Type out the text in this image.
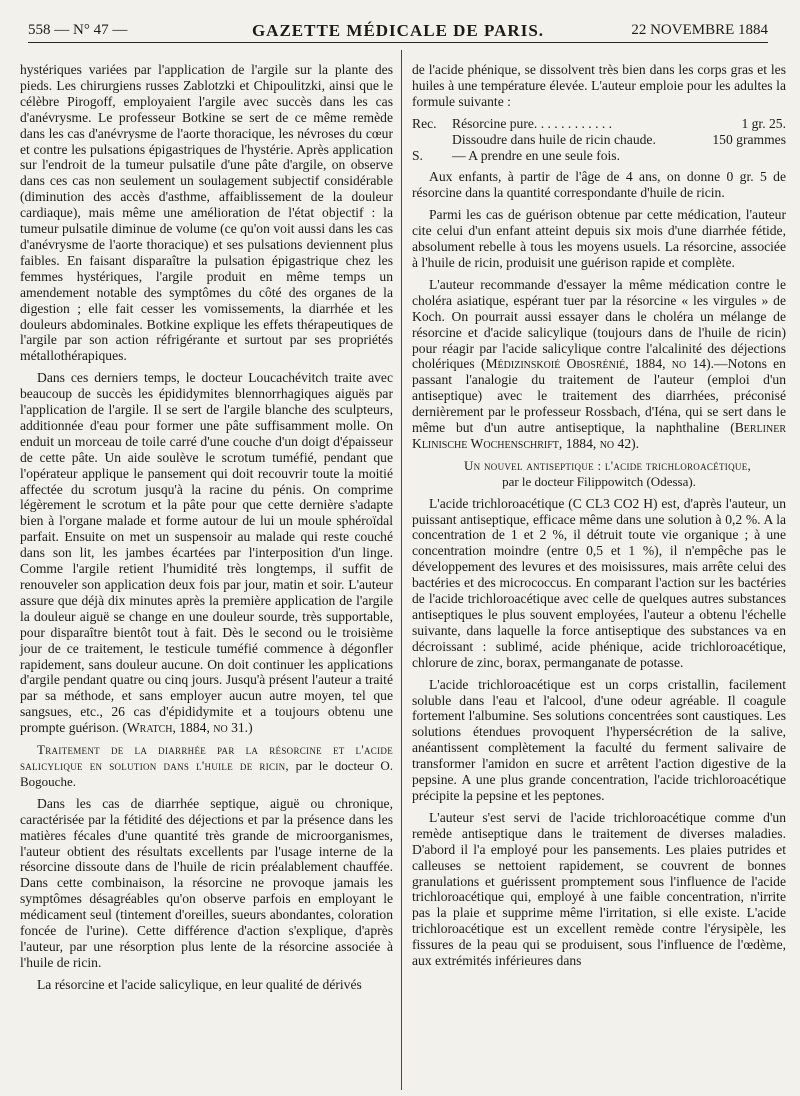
558 — N° 47 —	GAZETTE MÉDICALE DE PARIS.	22 NOVEMBRE 1884

hystériques variées par l'application de l'argile sur la plante des pieds. Les chirurgiens russes Zablotzki et Chipoulitzki, ainsi que le célèbre Pirogoff, employaient l'argile avec succès dans les cas d'anévrysme. Le professeur Botkine se sert de ce même remède dans les cas d'anévrysme de l'aorte thoracique, les névroses du cœur et contre les pulsations épigastriques de l'hystérie. Après application sur l'endroit de la tumeur pulsatile d'une pâte d'argile, on observe dans ces cas non seulement un soulagement subjectif considérable (diminution des accès d'asthme, affaiblissement de la douleur cardiaque), mais même une amélioration de l'état objectif : la tumeur pulsatile diminue de volume (ce qu'on voit aussi dans les cas d'anévrysme de l'aorte thoracique) et ses pulsations deviennent plus faibles. En faisant disparaître la pulsation épigastrique chez les femmes hystériques, l'argile produit en même temps un amendement notable des symptômes du côté des organes de la digestion ; elle fait cesser les vomissements, la diarrhée et les douleurs abdominales. Botkine explique les effets thérapeutiques de l'argile par son action réfrigérante et surtout par ses propriétés métallothérapiques.

Dans ces derniers temps, le docteur Loucachévitch traite avec beaucoup de succès les épididymites blennorrhagiques aiguës par l'application de l'argile. Il se sert de l'argile blanche des sculpteurs, additionnée d'eau pour former une pâte suffisamment molle. On enduit un morceau de toile carré d'une couche d'un doigt d'épaisseur de cette pâte. Un aide soulève le scrotum tuméfié, pendant que l'opérateur applique le pansement qui doit recouvrir toute la moitié affectée du scrotum jusqu'à la racine du pénis. On comprime légèrement le scrotum et la pâte pour que cette dernière s'adapte bien à l'organe malade et forme autour de lui un moule sphéroïdal parfait. Ensuite on met un suspensoir au malade qui reste couché dans son lit, les jambes écartées par l'interposition d'un linge. Comme l'argile retient l'humidité très longtemps, il suffit de renouveler son application deux fois par jour, matin et soir. L'auteur assure que déjà dix minutes après la première application de l'argile la douleur aiguë se change en une douleur sourde, très supportable, pour disparaître bientôt tout à fait. Dès le second ou le troisième jour de ce traitement, le testicule tuméfié commence à dégonfler rapidement, sans douleur aucune. On doit continuer les applications d'argile pendant quatre ou cinq jours. Jusqu'à présent l'auteur a traité par sa méthode, et sans employer aucun autre moyen, tel que sangsues, etc., 26 cas d'épididymite et a toujours obtenu une prompte guérison. (Wratch, 1884, no 31.)

Traitement de la diarrhée par la résorcine et l'acide salicylique en solution dans l'huile de ricin, par le docteur O. Bogouche.

Dans les cas de diarrhée septique, aiguë ou chronique, caractérisée par la fétidité des déjections et par la présence dans les matières fécales d'une quantité très grande de microorganismes, l'auteur obtient des résultats excellents par l'usage interne de la résorcine dissoute dans de l'huile de ricin préalablement chauffée. Dans cette combinaison, la résorcine ne provoque jamais les symptômes désagréables qu'on observe parfois en employant le médicament seul (tintement d'oreilles, sueurs abondantes, coloration foncée de l'urine). Cette différence d'action s'explique, d'après l'auteur, par une résorption plus lente de la résorcine associée à l'huile de ricin.

La résorcine et l'acide salicylique, en leur qualité de dérivés

de l'acide phénique, se dissolvent très bien dans les corps gras et les huiles à une température élevée. L'auteur emploie pour les adultes la formule suivante :

Rec.	Résorcine pure. . . . . . . . . . . .	1 gr. 25.
Dissoudre dans huile de ricin chaude.	150 grammes
S.	— A prendre en une seule fois.

Aux enfants, à partir de l'âge de 4 ans, on donne 0 gr. 5 de résorcine dans la quantité correspondante d'huile de ricin.

Parmi les cas de guérison obtenue par cette médication, l'auteur cite celui d'un enfant atteint depuis six mois d'une diarrhée fétide, absolument rebelle à tous les moyens usuels. La résorcine, associée à l'huile de ricin, produisit une guérison rapide et complète.

L'auteur recommande d'essayer la même médication contre le choléra asiatique, espérant tuer par la résorcine « les virgules » de Koch. On pourrait aussi essayer dans le choléra un mélange de résorcine et d'acide salicylique (toujours dans de l'huile de ricin) pour réagir par l'acide salicylique contre l'alcalinité des déjections cholériques (Médizinskoié Obosrénié, 1884, no 14).—Notons en passant l'analogie du traitement de l'auteur (emploi d'un antiseptique) avec le traitement des diarrhées, préconisé dernièrement par le professeur Rossbach, d'Iéna, qui se sert dans le même but d'un autre antiseptique, la naphthaline (Berliner Klinische Wochenschrift, 1884, no 42).

Un nouvel antiseptique : l'acide trichloroacétique,
par le docteur Filippowitch (Odessa).

L'acide trichloroacétique (C CL3 CO2 H) est, d'après l'auteur, un puissant antiseptique, efficace même dans une solution à 0,2 %. A la concentration de 1 et 2 %, il détruit toute vie organique ; à une concentration moindre (entre 0,5 et 1 %), il n'empêche pas le développement des levures et des moisissures, mais arrête celui des bactéries et des micrococcus. En comparant l'action sur les bactéries de l'acide trichloroacétique avec celle de quelques autres substances antiseptiques le plus souvent employées, l'auteur a obtenu l'échelle suivante, dans laquelle la force antiseptique des substances va en décroissant : sublimé, acide phénique, acide trichloroacétique, chlorure de zinc, borax, permanganate de potasse.

L'acide trichloroacétique est un corps cristallin, facilement soluble dans l'eau et l'alcool, d'une odeur agréable. Il coagule fortement l'albumine. Ses solutions concentrées sont caustiques. Les solutions étendues provoquent l'hypersécrétion de la salive, anéantissent complètement la faculté du ferment salivaire de transformer l'amidon en sucre et arrêtent l'action digestive de la pepsine. A une plus grande concentration, l'acide trichloroacétique précipite la pepsine et les peptones.

L'auteur s'est servi de l'acide trichloroacétique comme d'un remède antiseptique dans le traitement de diverses maladies. D'abord il l'a employé pour les pansements. Les plaies putrides et calleuses se nettoient rapidement, se couvrent de bonnes granulations et guérissent promptement sous l'influence de l'acide trichloroacétique qui, employé à une faible concentration, n'irrite pas la plaie et supprime même l'irritation, si elle existe. L'acide trichloroacétique est un excellent remède contre l'érysipèle, les fissures de la peau qui se produisent, sous l'influence de l'œdème, aux extrémités inférieures dans
